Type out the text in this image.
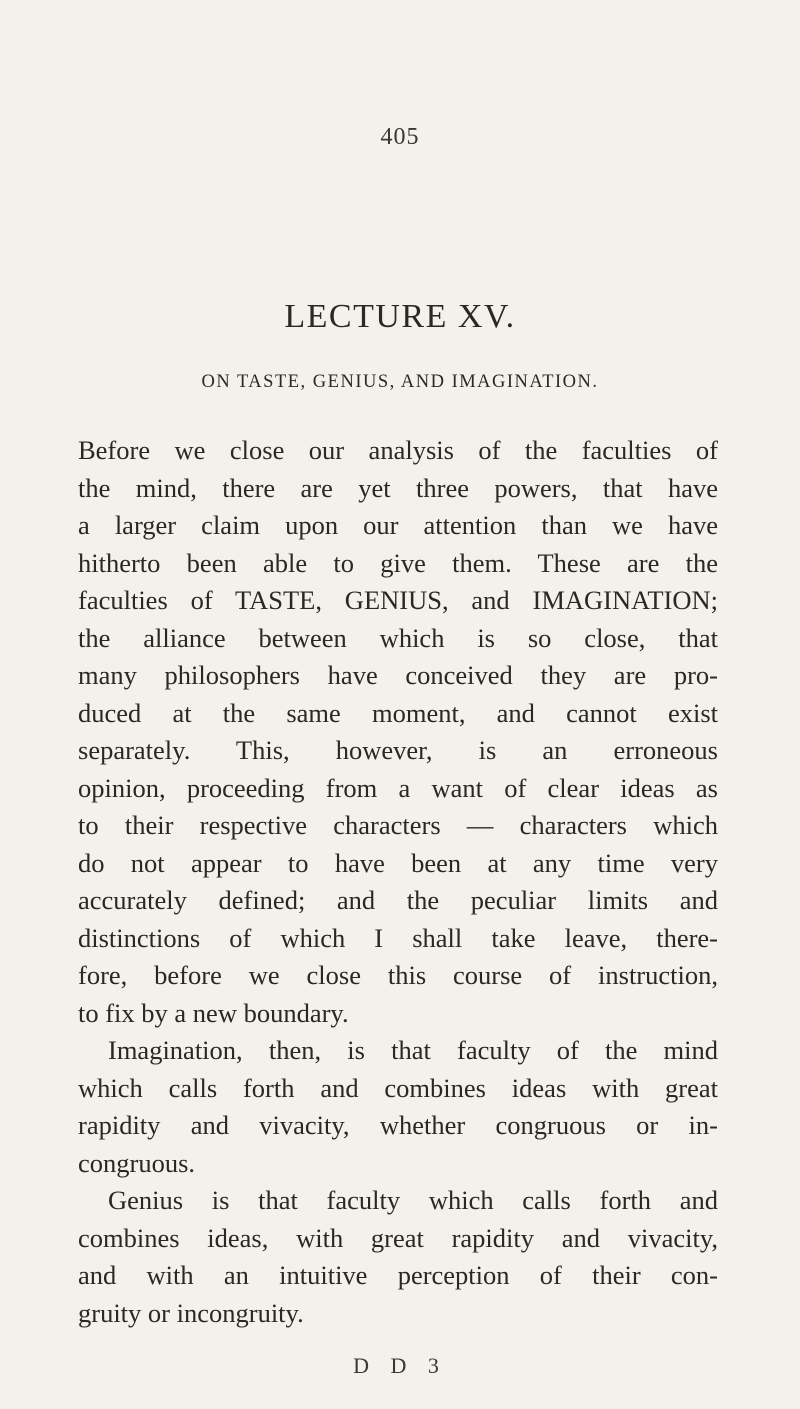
405
LECTURE XV.
ON TASTE, GENIUS, AND IMAGINATION.
Before we close our analysis of the faculties of
the mind, there are yet three powers, that have
a larger claim upon our attention than we have
hitherto been able to give them. These are the
faculties of TASTE, GENIUS, and IMAGINATION;
the alliance between which is so close, that
many philosophers have conceived they are pro-
duced at the same moment, and cannot exist
separately. This, however, is an erroneous
opinion, proceeding from a want of clear ideas as
to their respective characters — characters which
do not appear to have been at any time very
accurately defined; and the peculiar limits and
distinctions of which I shall take leave, there-
fore, before we close this course of instruction,
to fix by a new boundary.
Imagination, then, is that faculty of the mind
which calls forth and combines ideas with great
rapidity and vivacity, whether congruous or in-
congruous.
Genius is that faculty which calls forth and
combines ideas, with great rapidity and vivacity,
and with an intuitive perception of their con-
gruity or incongruity.
D D 3
